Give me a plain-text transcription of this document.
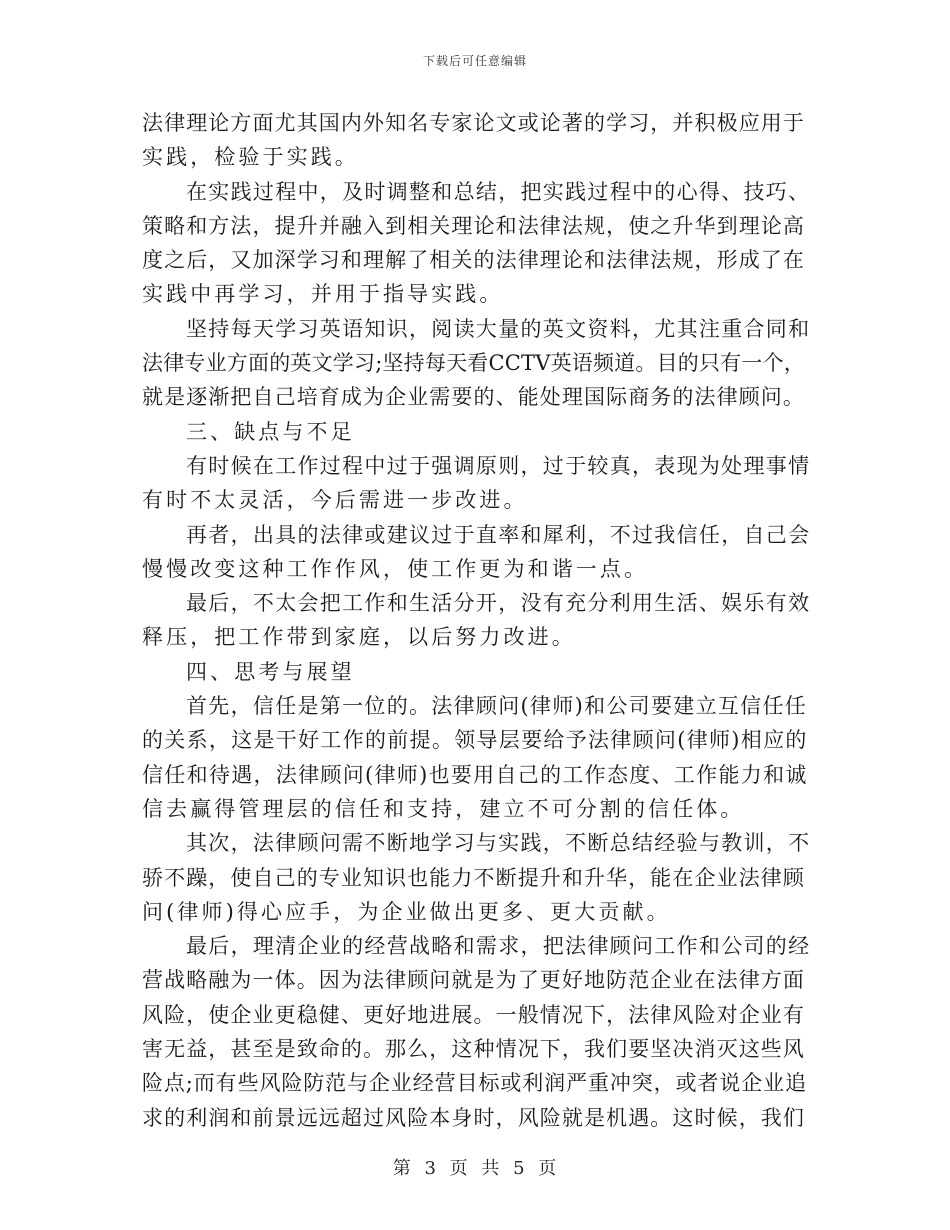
下载后可任意编辑
法律理论方面尤其国内外知名专家论文或论著的学习，并积极应用于
实践，检验于实践。
在实践过程中，及时调整和总结，把实践过程中的心得、技巧、
策略和方法，提升并融入到相关理论和法律法规，使之升华到理论高
度之后，又加深学习和理解了相关的法律理论和法律法规，形成了在
实践中再学习，并用于指导实践。
坚持每天学习英语知识，阅读大量的英文资料，尤其注重合同和
法律专业方面的英文学习;坚持每天看CCTV英语频道。目的只有一个，
就是逐渐把自己培育成为企业需要的、能处理国际商务的法律顾问。
三、缺点与不足
有时候在工作过程中过于强调原则，过于较真，表现为处理事情
有时不太灵活，今后需进一步改进。
再者，出具的法律或建议过于直率和犀利，不过我信任，自己会
慢慢改变这种工作作风，使工作更为和谐一点。
最后，不太会把工作和生活分开，没有充分利用生活、娱乐有效
释压，把工作带到家庭，以后努力改进。
四、思考与展望
首先，信任是第一位的。法律顾问(律师)和公司要建立互信任任
的关系，这是干好工作的前提。领导层要给予法律顾问(律师)相应的
信任和待遇，法律顾问(律师)也要用自己的工作态度、工作能力和诚
信去赢得管理层的信任和支持，建立不可分割的信任体。
其次，法律顾问需不断地学习与实践，不断总结经验与教训，不
骄不躁，使自己的专业知识也能力不断提升和升华，能在企业法律顾
问(律师)得心应手，为企业做出更多、更大贡献。
最后，理清企业的经营战略和需求，把法律顾问工作和公司的经
营战略融为一体。因为法律顾问就是为了更好地防范企业在法律方面
风险，使企业更稳健、更好地进展。一般情况下，法律风险对企业有
害无益，甚至是致命的。那么，这种情况下，我们要坚决消灭这些风
险点;而有些风险防范与企业经营目标或利润严重冲突，或者说企业追
求的利润和前景远远超过风险本身时，风险就是机遇。这时候，我们
第 3 页 共 5 页
